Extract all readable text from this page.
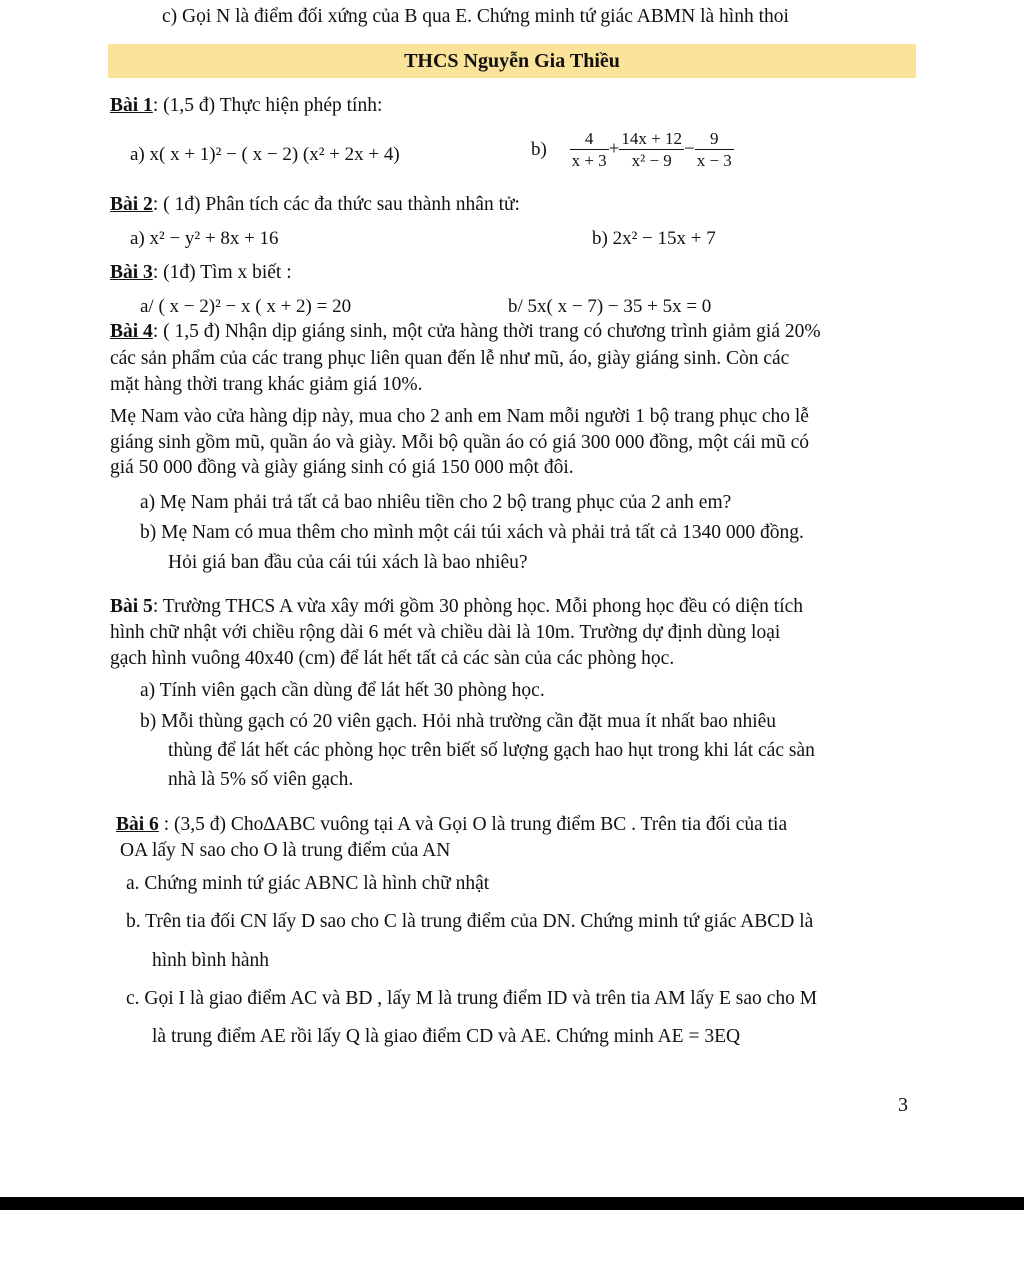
c) Gọi N là điểm đối xứng của B qua E. Chứng minh tứ giác ABMN là hình thoi
THCS Nguyễn Gia Thiều
Bài 1: (1,5 đ) Thực hiện phép tính:
a) x( x + 1)² − ( x − 2) (x² + 2x + 4)	$b) \frac{4}{x + 3} + \frac{14x + 12}{\text{x² − 9}} - \frac{9}{x - 3}$
Bài 2: ( 1đ) Phân tích các đa thức sau thành nhân tử:
a) x² − y² + 8x + 16	b) 2x² − 15x + 7
Bài 3: (1đ) Tìm x biết :
a/ ( x − 2)² − x ( x + 2) = 20	b/ 5x( x − 7) − 35 + 5x = 0
Bài 4: ( 1,5 đ) Nhận dịp giáng sinh, một cửa hàng thời trang có chương trình giảm giá 20%
các sản phẩm của các trang phục liên quan đến lễ như mũ, áo, giày giáng sinh. Còn các
mặt hàng thời trang khác giảm giá 10%.
Mẹ Nam vào cửa hàng dịp này, mua cho 2 anh em Nam mỗi người 1 bộ trang phục cho lễ
giáng sinh gồm mũ, quần áo và giày. Mỗi bộ quần áo có giá 300 000 đồng, một cái mũ có
giá 50 000 đồng và giày giáng sinh có giá 150 000 một đôi.
a) Mẹ Nam phải trả tất cả bao nhiêu tiền cho 2 bộ trang phục của 2 anh em?
b) Mẹ Nam có mua thêm cho mình một cái túi xách và phải trả tất cả 1340 000 đồng.
Hỏi giá ban đầu của cái túi xách là bao nhiêu?
Bài 5: Trường THCS A vừa xây mới gồm 30 phòng học. Mỗi phong học đều có diện tích
hình chữ nhật với chiều rộng dài 6 mét và chiều dài là 10m. Trường dự định dùng loại
gạch hình vuông 40x40 (cm) để lát hết tất cả các sàn của các phòng học.
a) Tính viên gạch cần dùng để lát hết 30 phòng học.
b) Mỗi thùng gạch có 20 viên gạch. Hỏi nhà trường cần đặt mua ít nhất bao nhiêu
thùng để lát hết các phòng học trên biết số lượng gạch hao hụt trong khi lát các sàn
nhà là 5% số viên gạch.
Bài 6 : (3,5 đ) Cho∆ABC vuông tại A và Gọi O là trung điểm BC . Trên tia đối của tia
OA lấy N sao cho O là trung điểm của AN
a. Chứng minh tứ giác ABNC là hình chữ nhật
b. Trên tia đối CN lấy D sao cho C là trung điểm của DN. Chứng minh tứ giác ABCD là
hình bình hành
c. Gọi I là giao điểm AC và BD , lấy M là trung điểm ID và trên tia AM lấy E sao cho M
là trung điểm AE rồi lấy Q là giao điểm CD và AE. Chứng minh AE = 3EQ
3
